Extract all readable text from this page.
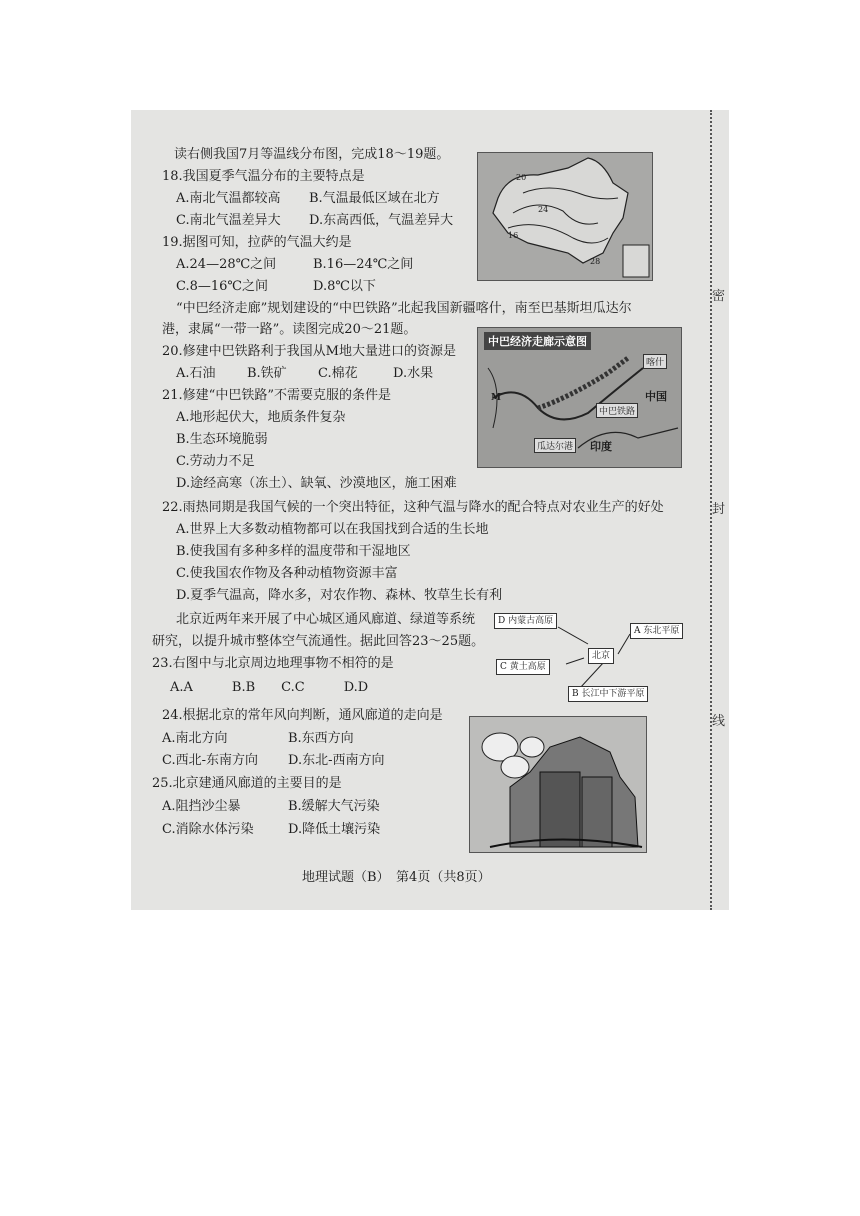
密
封
线
读右侧我国7月等温线分布图，完成18～19题。
18.我国夏季气温分布的主要特点是
A.南北气温都较高 B.气温最低区域在北方
C.南北气温差异大 D.东高西低，气温差异大
19.据图可知，拉萨的气温大约是
A.24—28℃之间	B.16—24℃之间
C.8—16℃之间	D.8℃以下
20
24
16
28
“中巴经济走廊”规划建设的“中巴铁路”北起我国新疆喀什，南至巴基斯坦瓜达尔
港，隶属“一带一路”。读图完成20～21题。
20.修建中巴铁路利于我国从M地大量进口的资源是
A.石油 B.铁矿 C.棉花	D.水果
21.修建“中巴铁路”不需要克服的条件是
A.地形起伏大，地质条件复杂
B.生态环境脆弱
C.劳动力不足
D.途经高寒（冻土）、缺氧、沙漠地区，施工困难
中巴经济走廊示意图
喀什
中国
中巴铁路
M
瓜达尔港 印度
22.雨热同期是我国气候的一个突出特征，这种气温与降水的配合特点对农业生产的好处
A.世界上大多数动植物都可以在我国找到合适的生长地
B.使我国有多种多样的温度带和干湿地区
C.使我国农作物及各种动植物资源丰富
D.夏季气温高，降水多，对农作物、森林、牧草生长有利
北京近两年来开展了中心城区通风廊道、绿道等系统
研究，以提升城市整体空气流通性。据此回答23～25题。
23.右图中与北京周边地理事物不相符的是
A.A　　　B.B　　C.C　　　D.D
D 内蒙古高原
A 东北平原
北京
C 黄土高原
B 长江中下游平原
24.根据北京的常年风向判断，通风廊道的走向是
A.南北方向	B.东西方向
C.西北-东南方向 D.东北-西南方向
25.北京建通风廊道的主要目的是
A.阻挡沙尘暴	B.缓解大气污染
C.消除水体污染	D.降低土壤污染
地理试题（B）　第4页（共8页）
